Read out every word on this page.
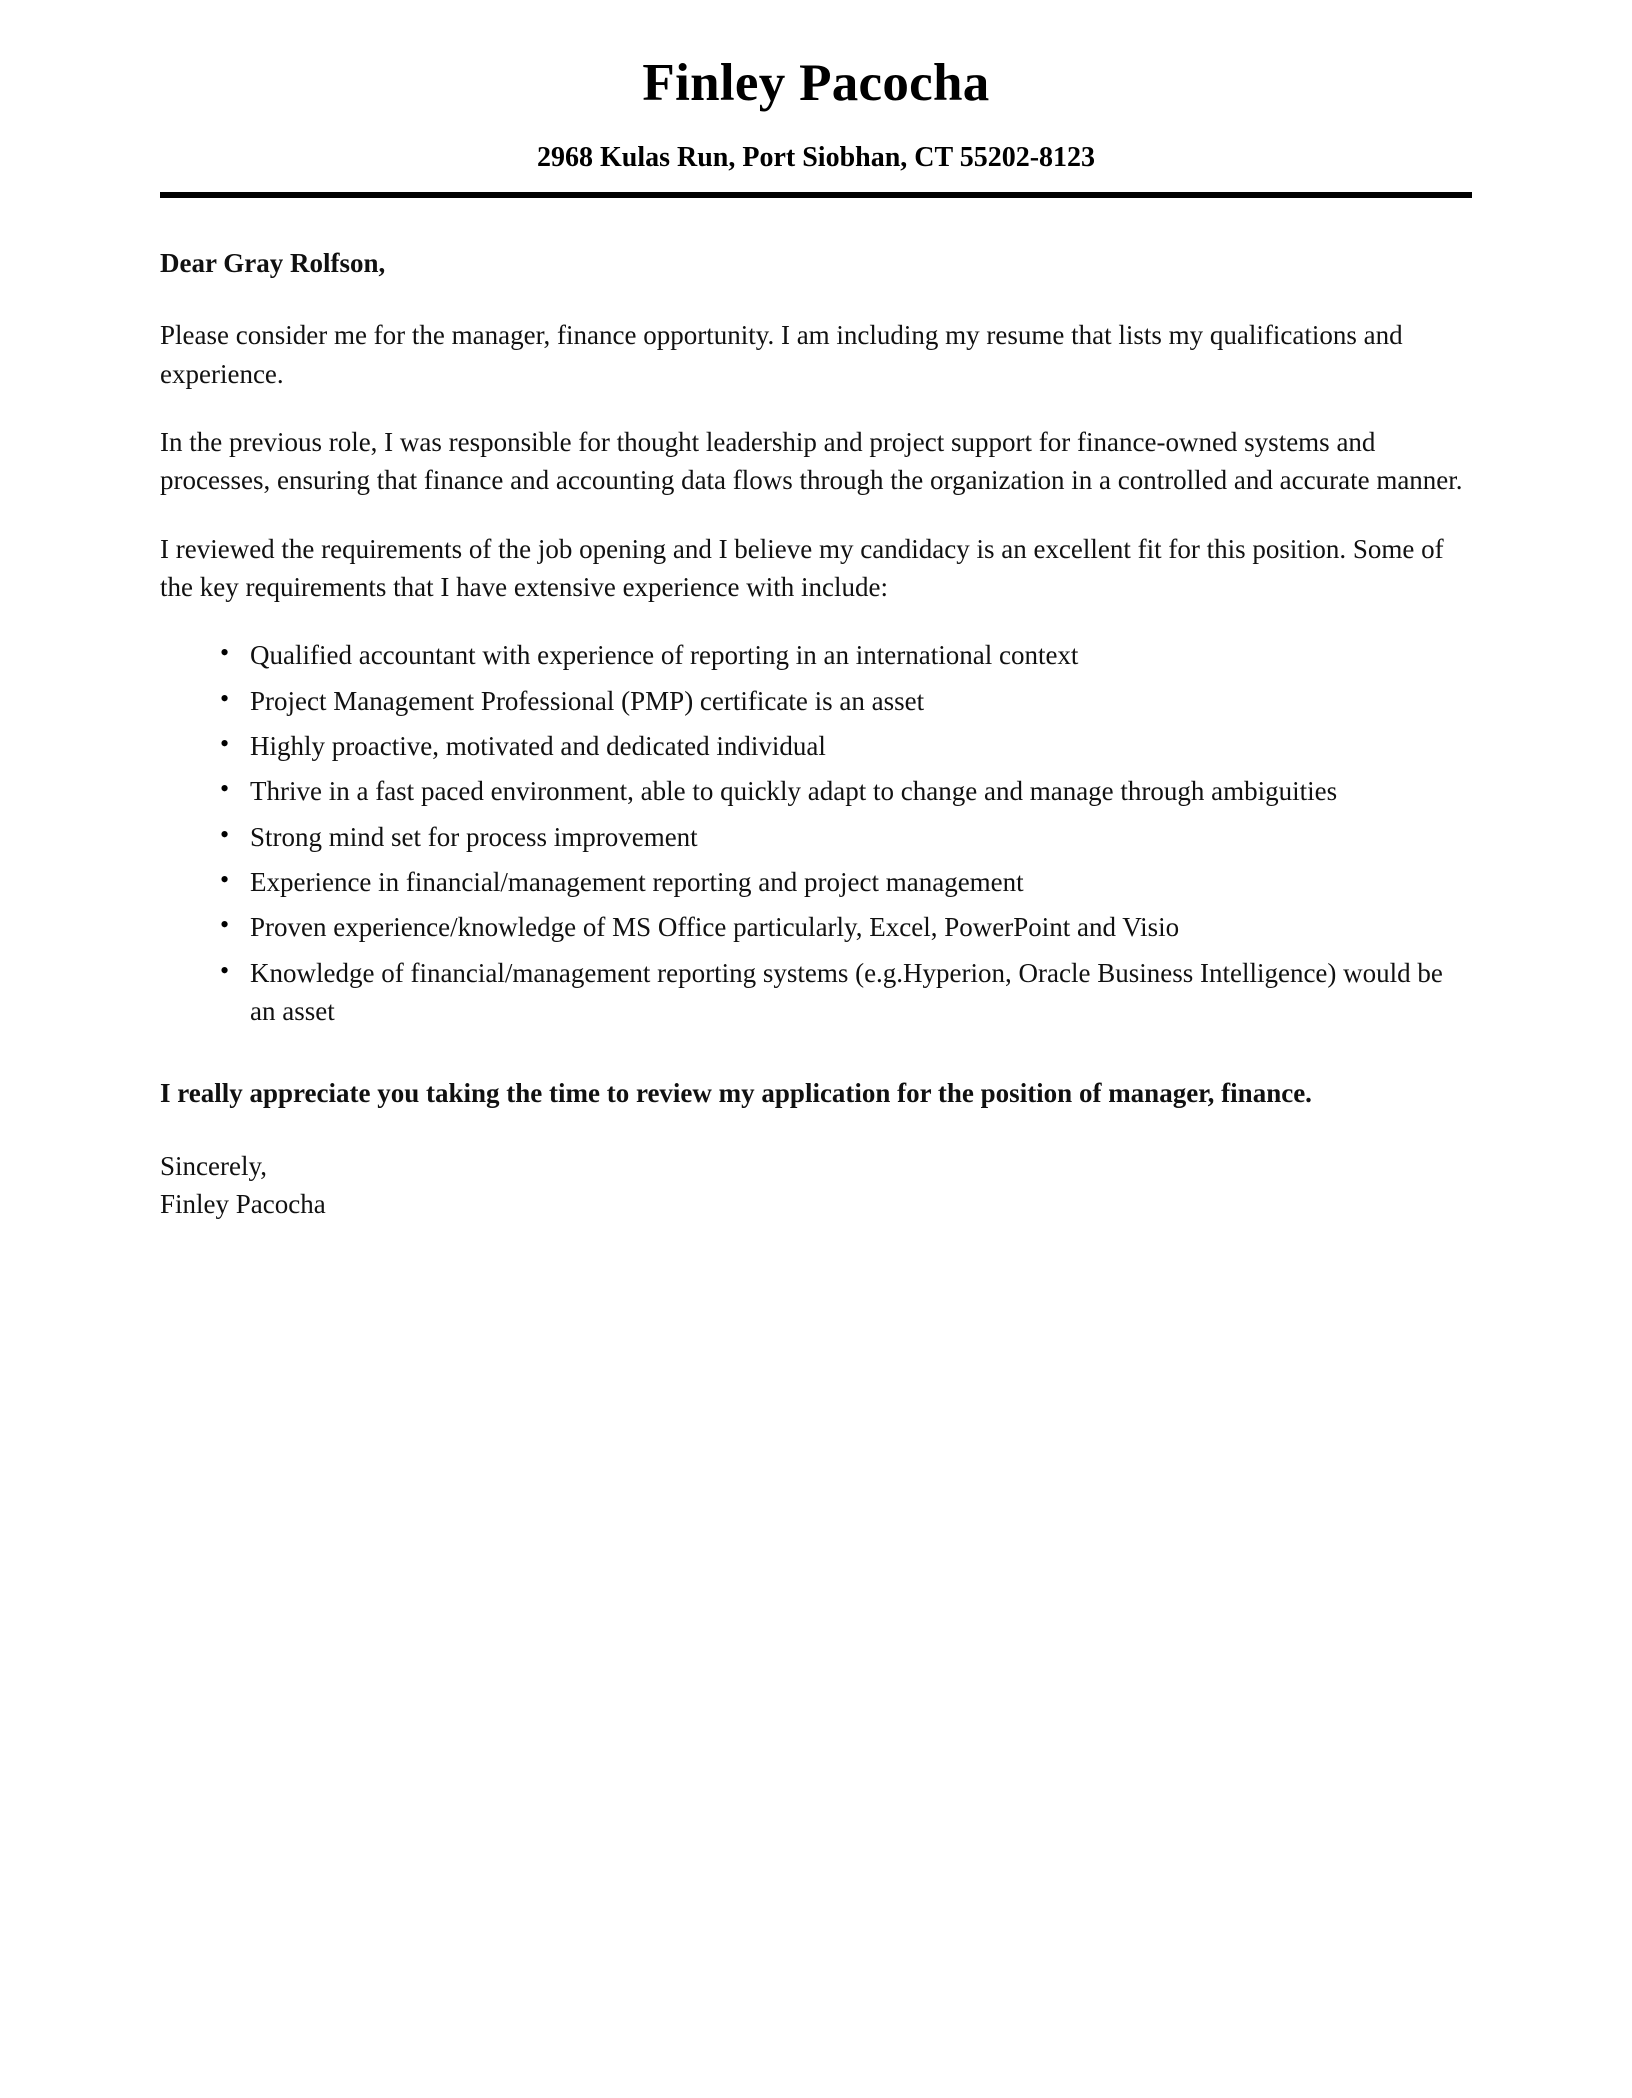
Finley Pacocha
2968 Kulas Run, Port Siobhan, CT 55202-8123

Dear Gray Rolfson,

Please consider me for the manager, finance opportunity. I am including my resume that lists my qualifications and experience.

In the previous role, I was responsible for thought leadership and project support for finance-owned systems and processes, ensuring that finance and accounting data flows through the organization in a controlled and accurate manner.

I reviewed the requirements of the job opening and I believe my candidacy is an excellent fit for this position. Some of the key requirements that I have extensive experience with include:

• Qualified accountant with experience of reporting in an international context
• Project Management Professional (PMP) certificate is an asset
• Highly proactive, motivated and dedicated individual
• Thrive in a fast paced environment, able to quickly adapt to change and manage through ambiguities
• Strong mind set for process improvement
• Experience in financial/management reporting and project management
• Proven experience/knowledge of MS Office particularly, Excel, PowerPoint and Visio
• Knowledge of financial/management reporting systems (e.g.Hyperion, Oracle Business Intelligence) would be an asset

I really appreciate you taking the time to review my application for the position of manager, finance.

Sincerely,

Finley Pacocha
